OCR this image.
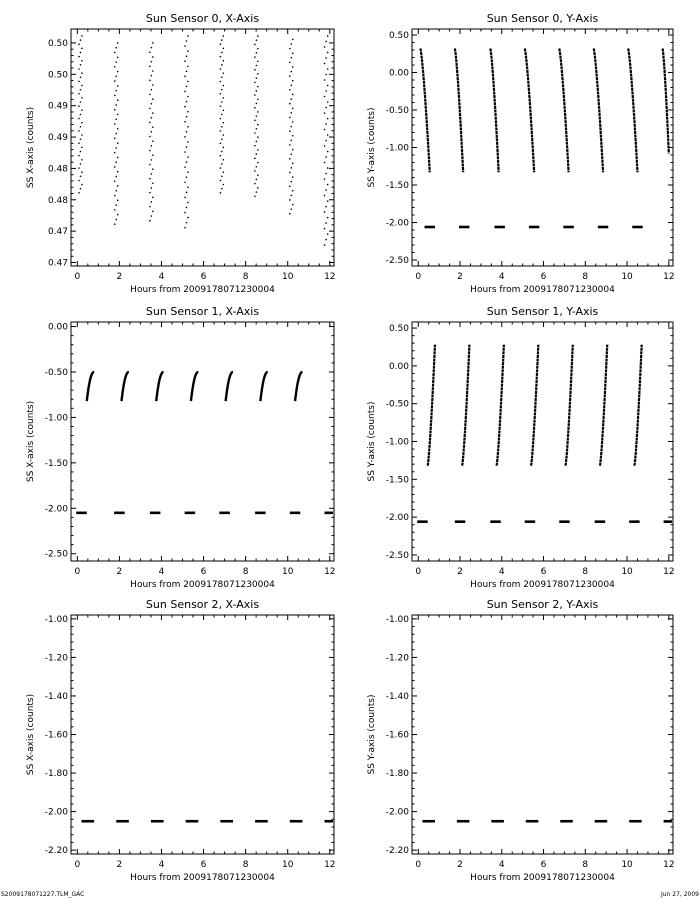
Sun Sensor 0, X-Axis
0	2	4	6	8	10	12
0.47
0.47
0.48
0.48
0.49
0.49
0.50
0.50
Hours from 2009178071230004
SS X-axis (counts)
Sun Sensor 0, Y-Axis
0	2	4	6	8	10	12
-2.50
-2.00
-1.50
-1.00
-0.50
0.00
0.50
Hours from 2009178071230004
SS Y-axis (counts)
Sun Sensor 1, X-Axis
0	2	4	6	8	10	12
-2.50
-2.00
-1.50
-1.00
-0.50
0.00
Hours from 2009178071230004
SS X-axis (counts)
Sun Sensor 1, Y-Axis
0	2	4	6	8	10	12
-2.50
-2.00
-1.50
-1.00
-0.50
0.00
0.50
Hours from 2009178071230004
SS Y-axis (counts)
Sun Sensor 2, X-Axis
0	2	4	6	8	10	12
-2.20
-2.00
-1.80
-1.60
-1.40
-1.20
-1.00
Hours from 2009178071230004
SS X-axis (counts)
Sun Sensor 2, Y-Axis
0	2	4	6	8	10	12
-2.20
-2.00
-1.80
-1.60
-1.40
-1.20
-1.00
Hours from 2009178071230004
SS Y-axis (counts)
S2009178071227.TLM_GAC	Jun 27, 2009
